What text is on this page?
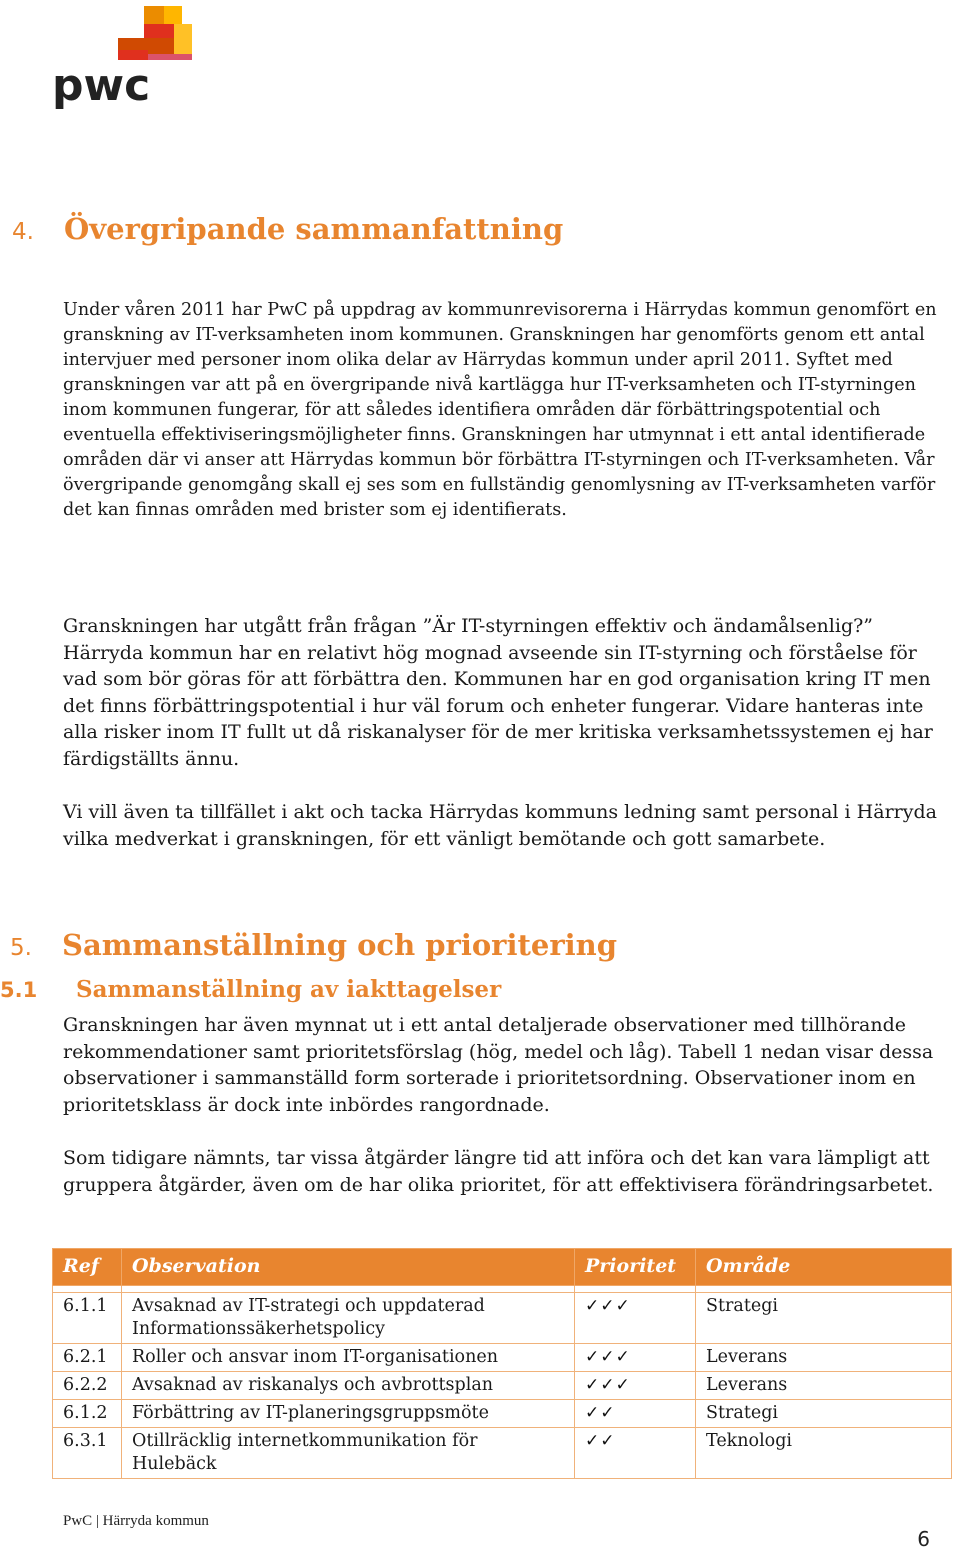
pwc
4.	Övergripande sammanfattning

Under våren 2011 har PwC på uppdrag av kommunrevisorerna i Härrydas kommun genomfört en granskning av IT-verksamheten inom kommunen. Granskningen har genomförts genom ett antal intervjuer med personer inom olika delar av Härrydas kommun under april 2011. Syftet med granskningen var att på en övergripande nivå kartlägga hur IT-verksamheten och IT-styrningen inom kommunen fungerar, för att således identifiera områden där förbättringspotential och eventuella effektiviseringsmöjligheter finns. Granskningen har utmynnat i ett antal identifierade områden där vi anser att Härrydas kommun bör förbättra IT-styrningen och IT-verksamheten. Vår övergripande genomgång skall ej ses som en fullständig genomlysning av IT-verksamheten varför det kan finnas områden med brister som ej identifierats.

Granskningen har utgått från frågan ”Är IT-styrningen effektiv och ändamålsenlig?” Härryda kommun har en relativt hög mognad avseende sin IT-styrning och förståelse för vad som bör göras för att förbättra den. Kommunen har en god organisation kring IT men det finns förbättringspotential i hur väl forum och enheter fungerar. Vidare hanteras inte alla risker inom IT fullt ut då riskanalyser för de mer kritiska verksamhetssystemen ej har färdigställts ännu.

Vi vill även ta tillfället i akt och tacka Härrydas kommuns ledning samt personal i Härryda vilka medverkat i granskningen, för ett vänligt bemötande och gott samarbete.

5.	Sammanställning och prioritering
5.1	Sammanställning av iakttagelser

Granskningen har även mynnat ut i ett antal detaljerade observationer med tillhörande rekommendationer samt prioritetsförslag (hög, medel och låg). Tabell 1 nedan visar dessa observationer i sammanställd form sorterade i prioritetsordning. Observationer inom en prioritetsklass är dock inte inbördes rangordnade.

Som tidigare nämnts, tar vissa åtgärder längre tid att införa och det kan vara lämpligt att gruppera åtgärder, även om de har olika prioritet, för att effektivisera förändringsarbetet.

Ref	Observation	Prioritet	Område

6.1.1	Avsaknad av IT-strategi och uppdaterad Informationssäkerhetspolicy	✓✓✓	Strategi
6.2.1	Roller och ansvar inom IT-organisationen	✓✓✓	Leverans
6.2.2	Avsaknad av riskanalys och avbrottsplan	✓✓✓	Leverans
6.1.2	Förbättring av IT-planeringsgruppsmöte	✓✓	Strategi
6.3.1	Otillräcklig internetkommunikation för Hulebäck	✓✓	Teknologi
PwC | Härryda kommun
6
